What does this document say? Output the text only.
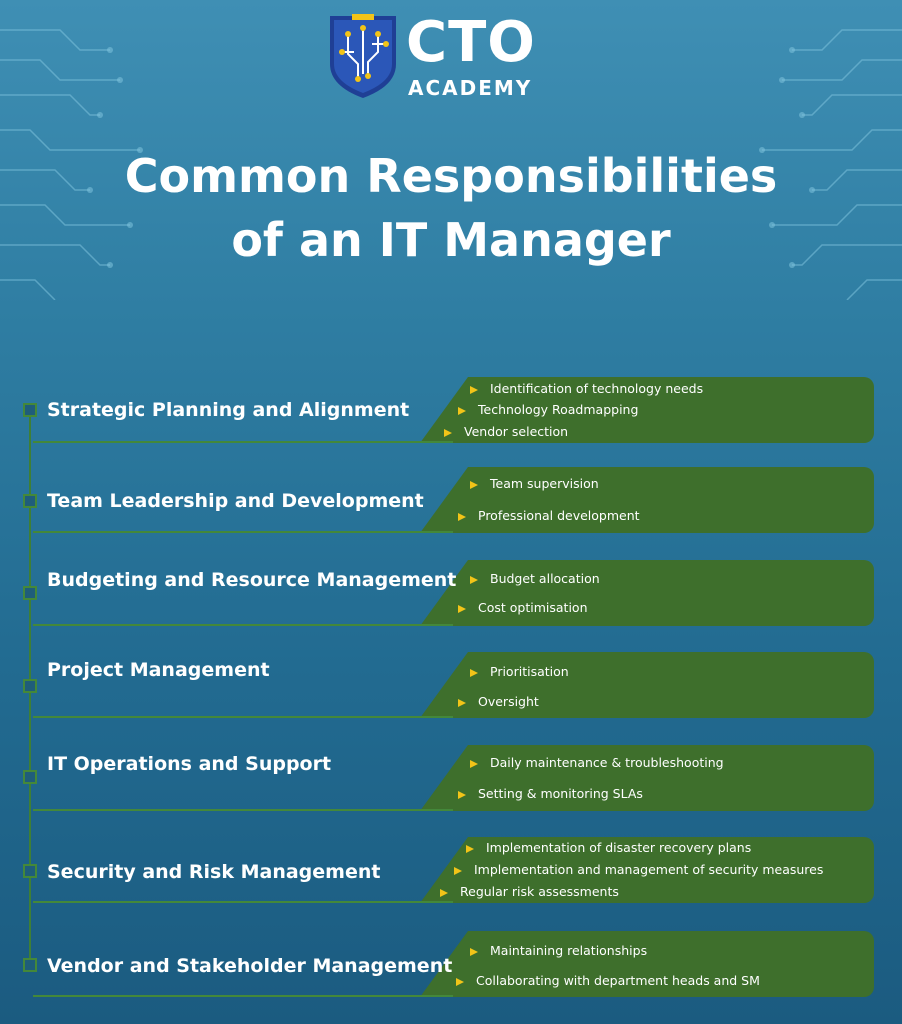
CTO
ACADEMY
Common Responsibilities
of an IT Manager
Strategic Planning and Alignment
Identification of technology needs
Technology Roadmapping
Vendor selection
Team Leadership and Development
Team supervision
Professional development
Budgeting and Resource Management	Budget allocation
Cost optimisation
Project Management	Prioritisation
Oversight
IT Operations and Support	Daily maintenance & troubleshooting
Setting & monitoring SLAs
Security and Risk Management
Implementation of disaster recovery plans
Implementation and management of security measures
Regular risk assessments
Vendor and Stakeholder Management
Maintaining relationships
Collaborating with department heads and SM
